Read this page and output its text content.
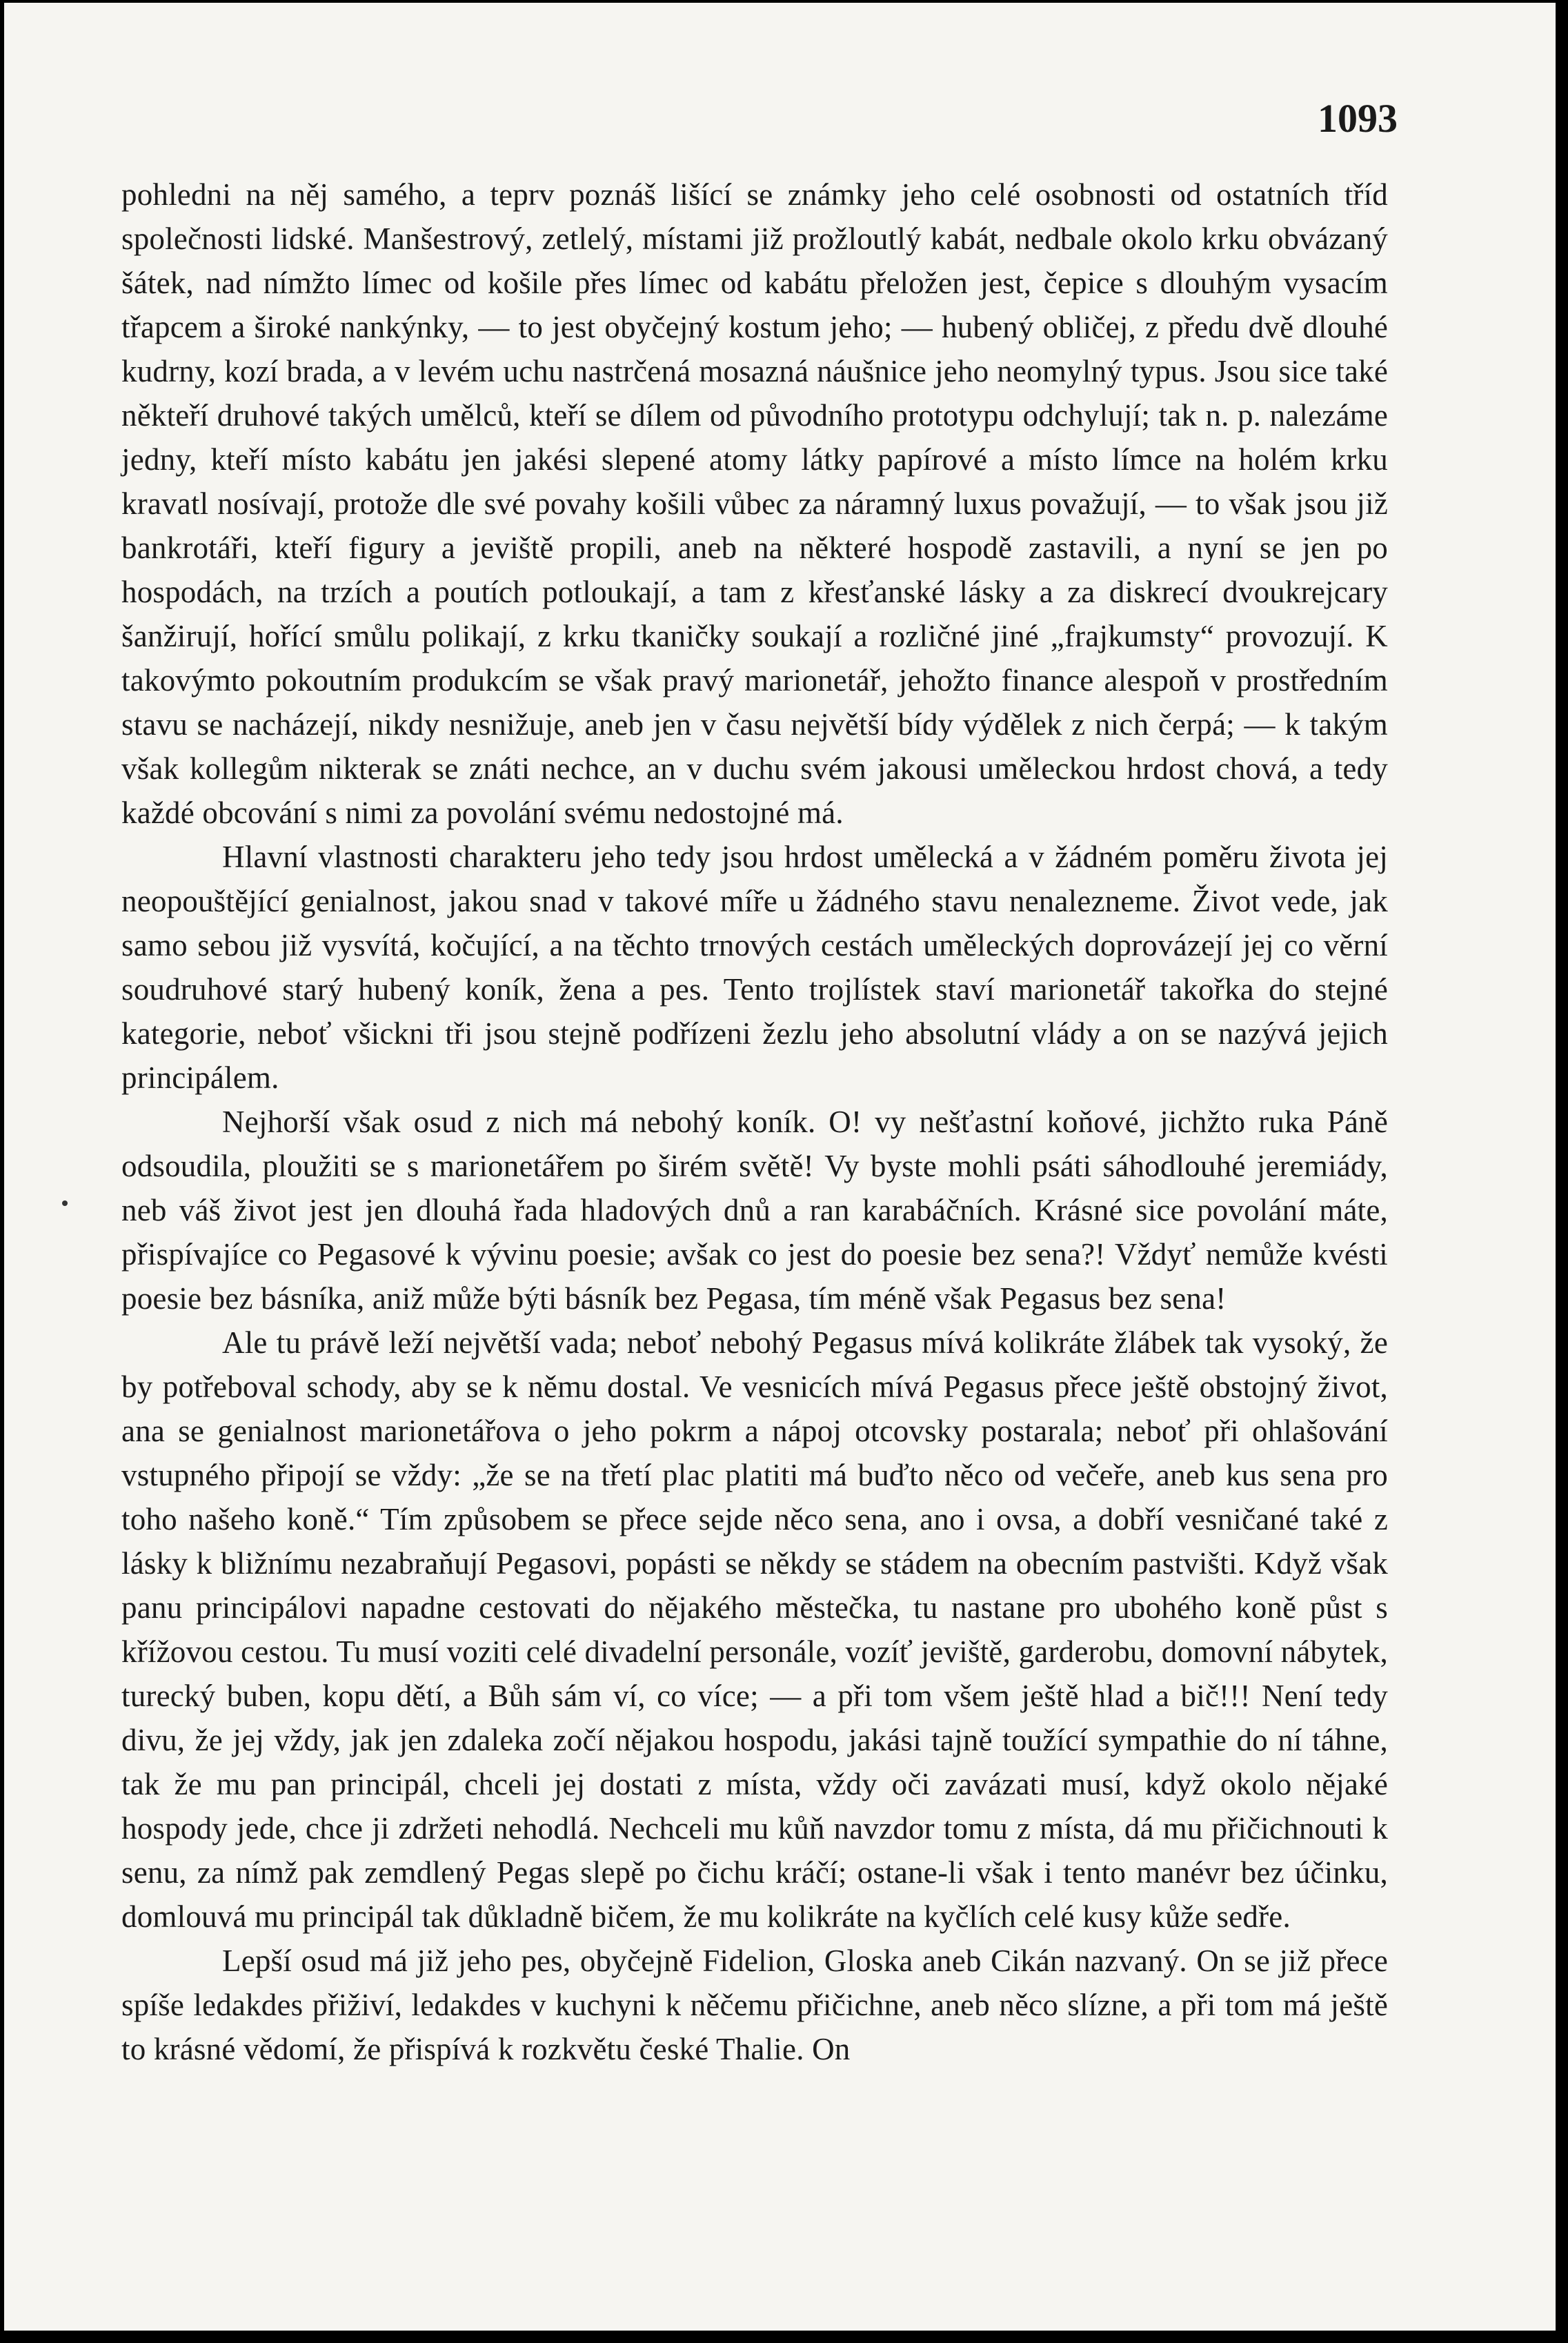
1093

pohledni na něj samého, a teprv poznáš lišící se známky jeho celé osobnosti od ostatních tříd společnosti lidské. Manšestrový, zetlelý, místami již prožloutlý kabát, nedbale okolo krku obvázaný šátek, nad nímžto límec od košile přes límec od kabátu přeložen jest, čepice s dlouhým vysacím třapcem a široké nankýnky, — to jest obyčejný kostum jeho; — hubený obličej, z předu dvě dlouhé kudrny, kozí brada, a v levém uchu nastrčená mosazná náušnice jeho neomylný typus. Jsou sice také někteří druhové takých umělců, kteří se dílem od původního prototypu odchylují; tak n. p. nalezáme jedny, kteří místo kabátu jen jakési slepené atomy látky papírové a místo límce na holém krku kravatl nosívají, protože dle své povahy košili vůbec za náramný luxus považují, — to však jsou již bankrotáři, kteří figury a jeviště propili, aneb na některé hospodě zastavili, a nyní se jen po hospodách, na trzích a poutích potloukají, a tam z křesťanské lásky a za diskrecí dvoukrejcary šanžirují, hořící smůlu polikají, z krku tkaničky soukají a rozličné jiné „frajkumsty“ provozují. K takovýmto pokoutním produkcím se však pravý marionetář, jehožto finance alespoň v prostředním stavu se nacházejí, nikdy nesnižuje, aneb jen v času největší bídy výdělek z nich čerpá; — k takým však kollegům nikterak se znáti nechce, an v duchu svém jakousi uměleckou hrdost chová, a tedy každé obcování s nimi za povolání svému nedostojné má.

Hlavní vlastnosti charakteru jeho tedy jsou hrdost umělecká a v žádném poměru života jej neopouštějící genialnost, jakou snad v takové míře u žádného stavu nenalezneme. Život vede, jak samo sebou již vysvítá, kočující, a na těchto trnových cestách uměleckých doprovázejí jej co věrní soudruhové starý hubený koník, žena a pes. Tento trojlístek staví marionetář takořka do stejné kategorie, neboť všickni tři jsou stejně podřízeni žezlu jeho absolutní vlády a on se nazývá jejich principálem.

Nejhorší však osud z nich má nebohý koník. O! vy nešťastní koňové, jichžto ruka Páně odsoudila, ploužiti se s marionetářem po širém světě! Vy byste mohli psáti sáhodlouhé jeremiády, neb váš život jest jen dlouhá řada hladových dnů a ran karabáčních. Krásné sice povolání máte, přispívajíce co Pegasové k vývinu poesie; avšak co jest do poesie bez sena?! Vždyť nemůže kvésti poesie bez básníka, aniž může býti básník bez Pegasa, tím méně však Pegasus bez sena!

Ale tu právě leží největší vada; neboť nebohý Pegasus mívá kolikráte žlábek tak vysoký, že by potřeboval schody, aby se k němu dostal. Ve vesnicích mívá Pegasus přece ještě obstojný život, ana se genialnost marionetářova o jeho pokrm a nápoj otcovsky postarala; neboť při ohlašování vstupného připojí se vždy: „že se na třetí plac platiti má buďto něco od večeře, aneb kus sena pro toho našeho koně.“ Tím způsobem se přece sejde něco sena, ano i ovsa, a dobří vesničané také z lásky k bližnímu nezabraňují Pegasovi, popásti se někdy se stádem na obecním pastvišti. Když však panu principálovi napadne cestovati do nějakého městečka, tu nastane pro ubohého koně půst s křížovou cestou. Tu musí voziti celé divadelní personále, vozíť jeviště, garderobu, domovní nábytek, turecký buben, kopu dětí, a Bůh sám ví, co více; — a při tom všem ještě hlad a bič!!! Není tedy divu, že jej vždy, jak jen zdaleka zočí nějakou hospodu, jakási tajně toužící sympathie do ní táhne, tak že mu pan principál, chceli jej dostati z místa, vždy oči zavázati musí, když okolo nějaké hospody jede, chce ji zdržeti nehodlá. Nechceli mu kůň navzdor tomu z místa, dá mu přičichnouti k senu, za nímž pak zemdlený Pegas slepě po čichu kráčí; ostane-li však i tento manévr bez účinku, domlouvá mu principál tak důkladně bičem, že mu kolikráte na kyčlích celé kusy kůže sedře.

Lepší osud má již jeho pes, obyčejně Fidelion, Gloska aneb Cikán nazvaný. On se již přece spíše ledakdes přiživí, ledakdes v kuchyni k něčemu přičichne, aneb něco slízne, a při tom má ještě to krásné vědomí, že přispívá k rozkvětu české Thalie. On
